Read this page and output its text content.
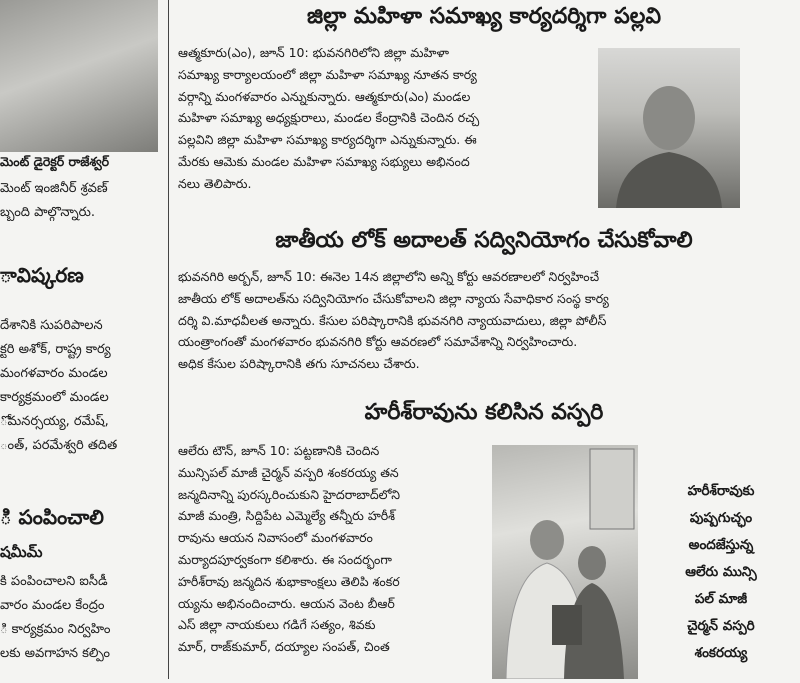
మెంట్ డైరెక్టర్ రాజేశ్వర్
మెంట్ ఇంజినీర్ శ్రవణ్
బ్బంది పాల్గొన్నారు.
ావిష్కరణ
దేశానికి సుపరిపాలన
క్టరి అశోక్, రాష్ట్ర కార్య
మంగళవారం మండల
కార్యక్రమంలో మండల
ోమనర్సయ్య, రమేష్,
ంత్, పరమేశ్వరి తదిత
ి పంపించాలి
షమీమ్
కి పంపించాలని ఐసీడీ
వారం మండల కేంద్రం
ి కార్యక్రమం నిర్వహిం
లకు అవగాహన కల్పిం
జిల్లా మహిళా సమాఖ్య కార్యదర్శిగా పల్లవి
ఆత్మకూరు(ఎం), జూన్ 10: భువనగిరిలోని జిల్లా మహిళా
సమాఖ్య కార్యాలయంలో జిల్లా మహిళా సమాఖ్య నూతన కార్య
వర్గాన్ని మంగళవారం ఎన్నుకున్నారు. ఆత్మకూరు(ఎం) మండల
మహిళా సమాఖ్య అధ్యక్షురాలు, మండల కేంద్రానికి చెందిన రచ్చ
పల్లవిని జిల్లా మహిళా సమాఖ్య కార్యదర్శిగా ఎన్నుకున్నారు. ఈ
మేరకు ఆమెకు మండల మహిళా సమాఖ్య సభ్యులు అభినంద
నలు తెలిపారు.
జాతీయ లోక్ అదాలత్ సద్వినియోగం చేసుకోవాలి
భువనగిరి అర్బన్, జూన్ 10: ఈనెల 14న జిల్లాలోని అన్ని కోర్టు ఆవరణాలలో నిర్వహించే
జాతీయ లోక్ అదాలత్‌ను సద్వినియోగం చేసుకోవాలని జిల్లా న్యాయ సేవాధికార సంస్థ కార్య
దర్శి వి.మాధవీలత అన్నారు. కేసుల పరిష్కారానికి భువనగిరి న్యాయవాదులు, జిల్లా పోలీస్
యంత్రాంగంతో మంగళవారం భువనగిరి కోర్టు ఆవరణలో సమావేశాన్ని నిర్వహించారు.
అధిక కేసుల పరిష్కారానికి తగు సూచనలు చేశారు.
హరీశ్‌రావును కలిసిన వస్పరి
ఆలేరు టౌన్, జూన్ 10: పట్టణానికి చెందిన
మున్సిపల్ మాజీ చైర్మన్ వస్పరి శంకరయ్య తన
జన్మదినాన్ని పురస్కరించుకుని హైదరాబాద్‌లోని
మాజీ మంత్రి, సిద్దిపేట ఎమ్మెల్యే తన్నీరు హరీశ్
రావును ఆయన నివాసంలో మంగళవారం
మర్యాదపూర్వకంగా కలిశారు. ఈ సందర్భంగా
హరీశ్‌రావు జన్మదిన శుభాకాంక్షలు తెలిపి శంకర
య్యను అభినందించారు. ఆయన వెంట బీఆర్
ఎస్ జిల్లా నాయకులు గడిగే సత్యం, శివకు
మార్, రాజ్‌కుమార్, దయ్యాల సంపత్, చింత
హరీశ్‌రావుకు
పుష్పగుచ్ఛం
అందజేస్తున్న
ఆలేరు మున్సి
పల్ మాజీ
చైర్మన్ వస్పరి
శంకరయ్య
